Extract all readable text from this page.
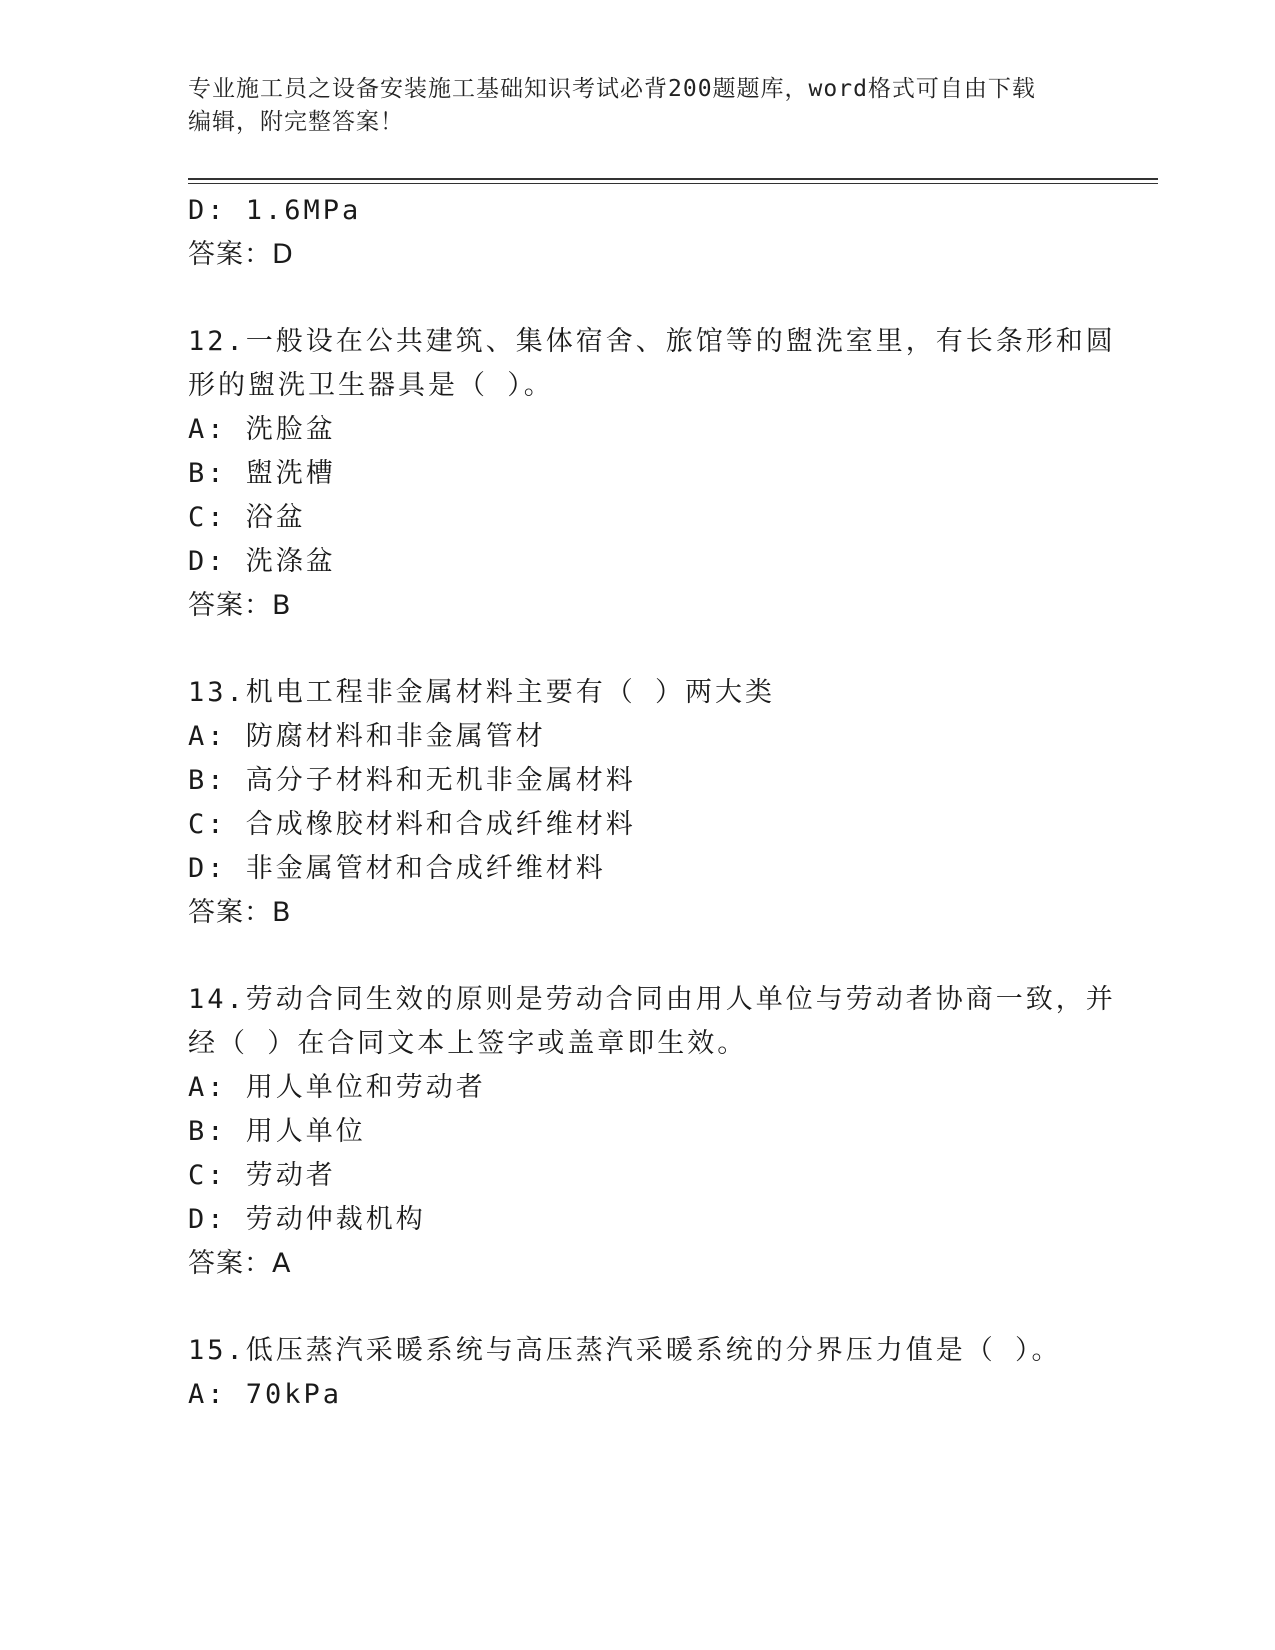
专业施工员之设备安装施工基础知识考试必背200题题库，word格式可自由下载
编辑，附完整答案！
D: 1.6MPa
答案：D
12.一般设在公共建筑、集体宿舍、旅馆等的盥洗室里，有长条形和圆
形的盥洗卫生器具是（ ）。
A: 洗脸盆
B: 盥洗槽
C: 浴盆
D: 洗涤盆
答案：B
13.机电工程非金属材料主要有（ ）两大类
A: 防腐材料和非金属管材
B: 高分子材料和无机非金属材料
C: 合成橡胶材料和合成纤维材料
D: 非金属管材和合成纤维材料
答案：B
14.劳动合同生效的原则是劳动合同由用人单位与劳动者协商一致，并
经（ ）在合同文本上签字或盖章即生效。
A: 用人单位和劳动者
B: 用人单位
C: 劳动者
D: 劳动仲裁机构
答案：A
15.低压蒸汽采暖系统与高压蒸汽采暖系统的分界压力值是（ ）。
A: 70kPa
